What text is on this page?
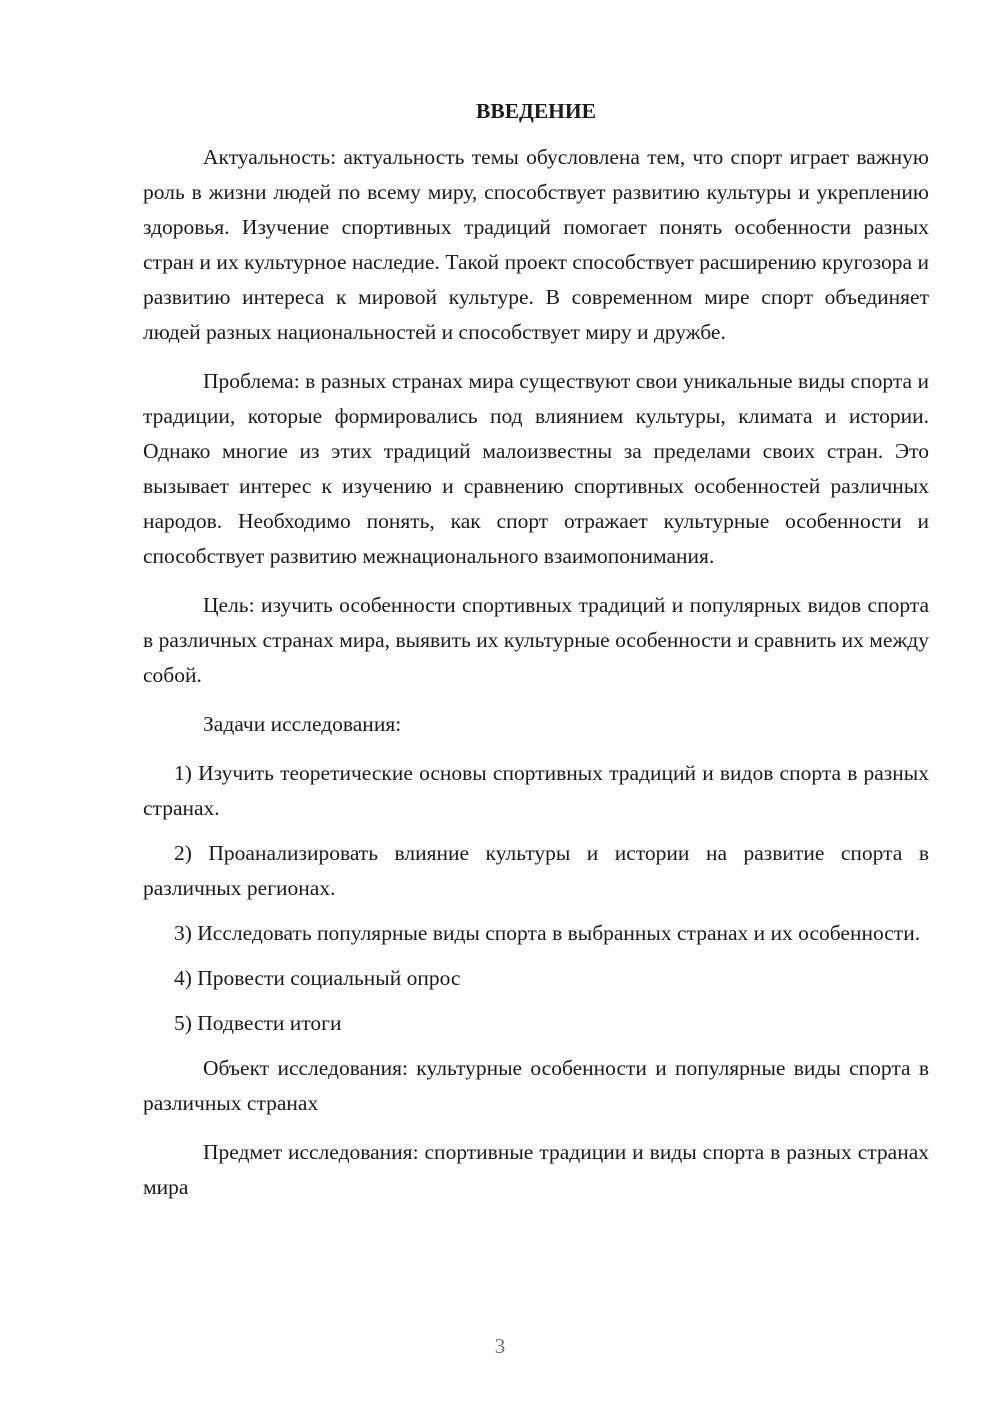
ВВЕДЕНИЕ

Актуальность: актуальность темы обусловлена тем, что спорт играет важную роль в жизни людей по всему миру, способствует развитию культуры и укреплению здоровья. Изучение спортивных традиций помогает понять особенности разных стран и их культурное наследие. Такой проект способствует расширению кругозора и развитию интереса к мировой культуре. В современном мире спорт объединяет людей разных национальностей и способствует миру и дружбе.

Проблема: в разных странах мира существуют свои уникальные виды спорта и традиции, которые формировались под влиянием культуры, климата и истории. Однако многие из этих традиций малоизвестны за пределами своих стран. Это вызывает интерес к изучению и сравнению спортивных особенностей различных народов. Необходимо понять, как спорт отражает культурные особенности и способствует развитию межнационального взаимопонимания.

Цель: изучить особенности спортивных традиций и популярных видов спорта в различных странах мира, выявить их культурные особенности и сравнить их между собой.

Задачи исследования:

1) Изучить теоретические основы спортивных традиций и видов спорта в разных странах.

2) Проанализировать влияние культуры и истории на развитие спорта в различных регионах.

3) Исследовать популярные виды спорта в выбранных странах и их особенности.

4) Провести социальный опрос

5) Подвести итоги

Объект исследования: культурные особенности и популярные виды спорта в различных странах

Предмет исследования: спортивные традиции и виды спорта в разных странах мира

3
